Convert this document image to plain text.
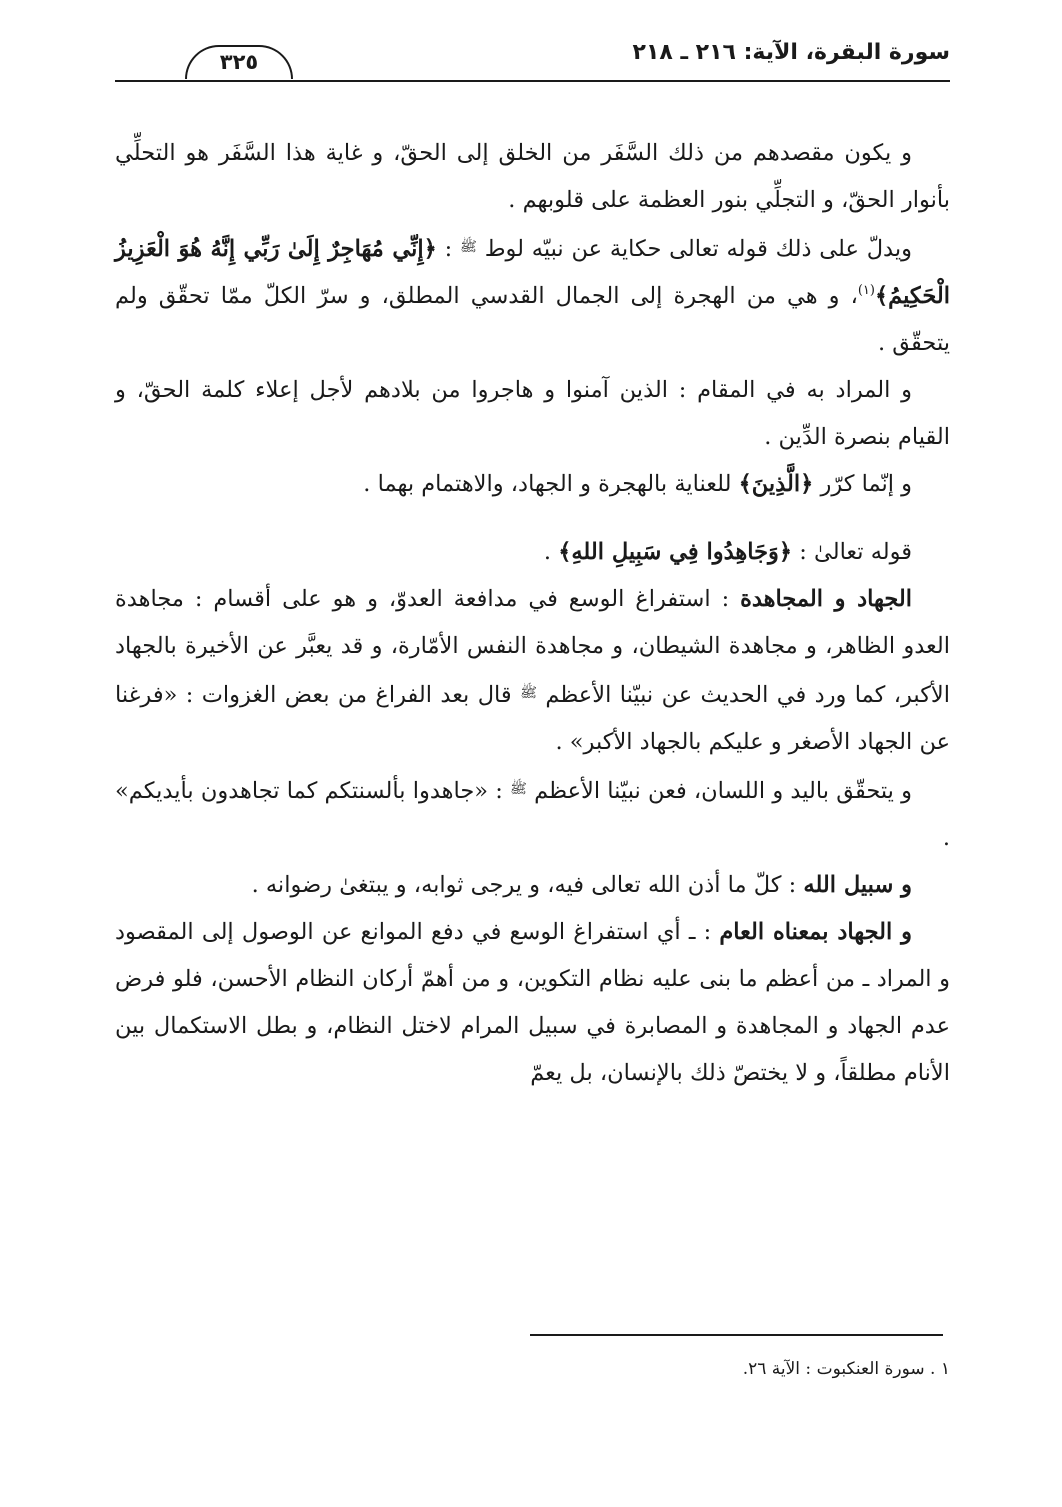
سورة البقرة، الآية: ٢١٦ ـ ٢١٨
٣٢٥

و يكون مقصدهم من ذلك السَّفَر من الخلق إلى الحقّ، و غاية هذا السَّفَر هو التحلِّي بأنوار الحقّ، و التجلِّي بنور العظمة على قلوبهم .

ويدلّ على ذلك قوله تعالى حكاية عن نبيّه لوط $^ﷺ$ : ﴿إِنِّي مُهَاجِرٌ إِلَىٰ رَبِّي إِنَّهُ هُوَ الْعَزِيزُ الْحَكِيمُ﴾$^{(١)}$، و هي من الهجرة إلى الجمال القدسي المطلق، و سرّ الكلّ ممّا تحقّق ولم يتحقّق .

و المراد به في المقام : الذين آمنوا و هاجروا من بلادهم لأجل إعلاء كلمة الحقّ، و القيام بنصرة الدِّين .

و إنّما كرّر ﴿الَّذِينَ﴾ للعناية بالهجرة و الجهاد، والاهتمام بهما .

قوله تعالىٰ : ﴿وَجَاهِدُوا فِي سَبِيلِ اللهِ﴾ .

الجهاد و المجاهدة : استفراغ الوسع في مدافعة العدوّ، و هو على أقسام : مجاهدة العدو الظاهر، و مجاهدة الشيطان، و مجاهدة النفس الأمّارة، و قد يعبَّر عن الأخيرة بالجهاد الأكبر، كما ورد في الحديث عن نبيّنا الأعظم $^ﷺ$ قال بعد الفراغ من بعض الغزوات : «فرغنا عن الجهاد الأصغر و عليكم بالجهاد الأكبر» .

و يتحقّق باليد و اللسان، فعن نبيّنا الأعظم $^ﷺ$ : «جاهدوا بألسنتكم كما تجاهدون بأيديكم» .

و سبيل الله : كلّ ما أذن الله تعالى فيه، و يرجى ثوابه، و يبتغىٰ رضوانه .

و الجهاد بمعناه العام : ـ أي استفراغ الوسع في دفع الموانع عن الوصول إلى المقصود و المراد ـ من أعظم ما بنى عليه نظام التكوين، و من أهمّ أركان النظام الأحسن، فلو فرض عدم الجهاد و المجاهدة و المصابرة في سبيل المرام لاختل النظام، و بطل الاستكمال بين الأنام مطلقاً، و لا يختصّ ذلك بالإنسان، بل يعمّ

١ . سورة العنكبوت : الآية ٢٦.
